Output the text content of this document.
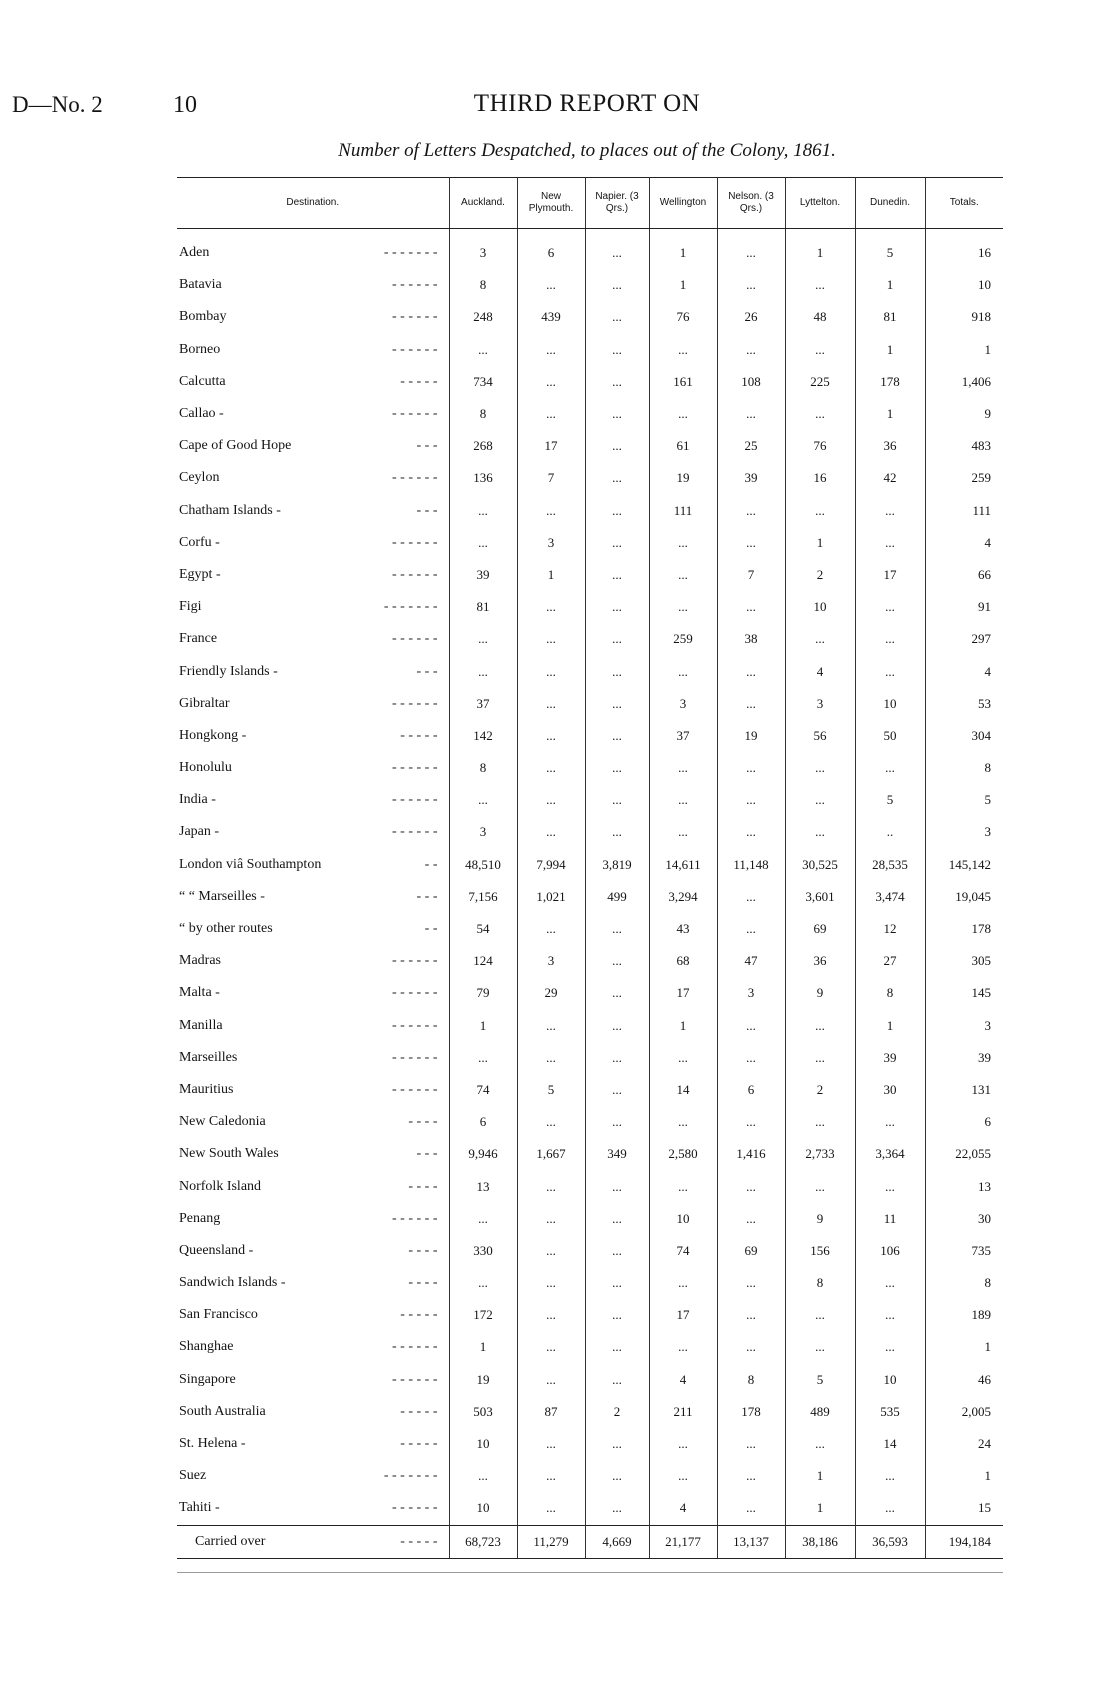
D—No. 2	10	THIRD REPORT ON
Number of Letters Despatched, to places out of the Colony, 1861.
Destination.	Auckland.	New Plymouth.	Napier. (3 Qrs.)	Wellington	Nelson. (3 Qrs.)	Lyttelton.	Dunedin.	Totals.

Aden - - - - - - -	3	6	...	1	...	1	5	16

Batavia - - - - - -	8	...	...	1	...	...	1	10

Bombay - - - - - -	248	439	...	76	26	48	81	918

Borneo - - - - - -	...	...	...	...	...	...	1	1

Calcutta - - - - -	734	...	...	161	108	225	178	1,406

Callao - - - - - - -	8	...	...	...	...	...	1	9

Cape of Good Hope - - -	268	17	...	61	25	76	36	483

Ceylon - - - - - -	136	7	...	19	39	16	42	259

Chatham Islands - - - -	...	...	...	111	...	...	...	111

Corfu - - - - - - -	...	3	...	...	...	1	...	4

Egypt - - - - - - -	39	1	...	...	7	2	17	66

Figi - - - - - - -	81	...	...	...	...	10	...	91

France - - - - - -	...	...	...	259	38	...	...	297

Friendly Islands - - - -	...	...	...	...	...	4	...	4

Gibraltar - - - - - -	37	...	...	3	...	3	10	53

Hongkong - - - - - -	142	...	...	37	19	56	50	304

Honolulu - - - - - -	8	...	...	...	...	...	...	8

India - - - - - - -	...	...	...	...	...	...	5	5

Japan - - - - - - -	3	...	...	...	...	...	..	3

London viâ Southampton - -	48,510	7,994	3,819	14,611	11,148	30,525	28,535	145,142

“ “ Marseilles - - - -	7,156	1,021	499	3,294	...	3,601	3,474	19,045

“ by other routes - -	54	...	...	43	...	69	12	178

Madras - - - - - -	124	3	...	68	47	36	27	305

Malta - - - - - - -	79	29	...	17	3	9	8	145

Manilla - - - - - -	1	...	...	1	...	...	1	3

Marseilles - - - - - -	...	...	...	...	...	...	39	39

Mauritius - - - - - -	74	5	...	14	6	2	30	131

New Caledonia - - - -	6	...	...	...	...	...	...	6

New South Wales - - -	9,946	1,667	349	2,580	1,416	2,733	3,364	22,055

Norfolk Island - - - -	13	...	...	...	...	...	...	13

Penang - - - - - -	...	...	...	10	...	9	11	30

Queensland - - - - -	330	...	...	74	69	156	106	735

Sandwich Islands - - - - -	...	...	...	...	...	8	...	8

San Francisco - - - - -	172	...	...	17	...	...	...	189

Shanghae - - - - - -	1	...	...	...	...	...	...	1

Singapore - - - - - -	19	...	...	4	8	5	10	46

South Australia - - - - -	503	87	2	211	178	489	535	2,005

St. Helena - - - - - -	10	...	...	...	...	...	14	24

Suez - - - - - - -	...	...	...	...	...	1	...	1

Tahiti - - - - - - -	10	...	...	4	...	1	...	15

Carried over - - - - -	68,723	11,279	4,669	21,177	13,137	38,186	36,593	194,184
